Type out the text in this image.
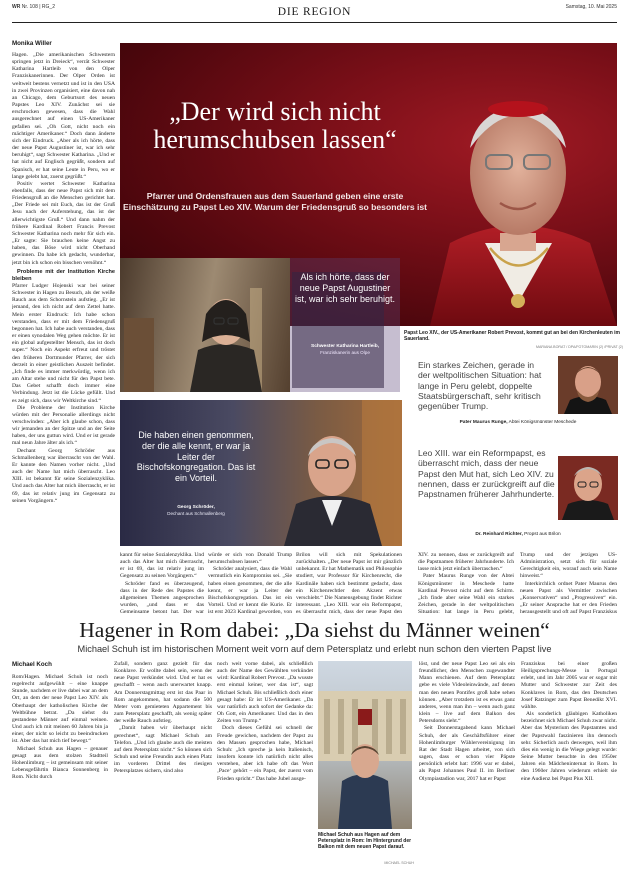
WR Nr. 108 | RG_2	DIE REGION	Samstag, 10. Mai 2025
Monika Willer

Hagen. „Die amerikanischen Schwestern springen jetzt in Dreieck“, verrät Schwester Katharina Hartleib von den Olper Franziskanerinnen. Der Olper Orden ist weltweit bestens vernetzt und ist in den USA in zwei Provinzen organisiert, eine davon nah an Chicago, dem Geburtsort des neuen Papstes Leo XIV. Zunächst sei sie erschrocken gewesen, dass die Wahl ausgerechnet auf einen US-Amerikaner gefallen sei. „Oh Gott, nicht noch ein mächtiger Amerikaner.“ Doch dann änderte sich der Eindruck. „Aber als ich hörte, dass der neue Papst Augustiner ist, war ich sehr beruhigt“, sagt Schwester Katharina. „Und er hat nicht auf Englisch gegrüßt, sondern auf Spanisch, er hat seine Leute in Peru, wo er lange gelebt hat, zuerst gegrüßt.“

Positiv wertet Schwester Katharina ebenfalls, dass der neue Papst sich mit dem Friedensgruß an die Menschen gerichtet hat. „Der Friede sei mit Euch, das ist der Gruß Jesu nach der Auferstehung, das ist der allerwichtigste Gruß.“ Und dann nahm der frühere Kardinal Robert Francis Prevost Schwester Katharina noch mehr für sich ein. „Er sagte: Sie brauchen keine Angst zu haben, das Böse wird nicht Oberhand gewinnen. Da habe ich gedacht, wunderbar, jetzt bin ich schon ein bisschen versöhnt.“

Probleme mit der Institution Kirche bleiben

Pfarrer Ludger Hojenski war bei seiner Schwester in Hagen zu Besuch, als der weiße Rauch aus dem Schornstein aufstieg. „Er ist jemand, den ich nicht auf dem Zettel hatte. Mein erster Eindruck: Ich habe schon verstanden, dass er mit dem Friedensgruß begonnen hat. Ich habe auch verstanden, dass er einen synodalen Weg gehen möchte. Er ist ein global aufgestellter Mensch, das ist doch super.“ Noch ein Aspekt erfreut und tröstet den früheren Dortmunder Pfarrer, der sich derzeit in einer geistlichen Auszeit befindet. „Ich finde es immer merkwürdig, wenn ich am Altar stehe und nicht für den Papst bete. Das Gebet schafft doch immer eine Verbindung. Jetzt ist die Lücke gefüllt. Und es zeigt sich, dass wir Weltkirche sind.“

Die Probleme der Institution Kirche würden mit der Personalie allerdings nicht verschwinden: „Aber ich glaube schon, dass wir jemanden an der Spitze und an der Seite haben, der uns guttun wird. Und er ist gerade mal neun Jahre älter als ich.“

Dechant Georg Schröder aus Schmallenberg war überrascht von der Wahl. Er kannte den Namen vorher nicht. „Und auch der Name hat mich überrascht. Leo XIII. ist bekannt für seine Sozialenzyklika. Und auch das Alter hat mich überrascht, er ist 69, das ist relativ jung im Gegensatz zu seinen Vorgängern.“

„Der wird sich nicht herumschubsen lassen“
Pfarrer und Ordensfrauen aus dem Sauerland geben eine erste Einschätzung zu Papst Leo XIV. Warum der Friedensgruß so besonders ist
Als ich hörte, dass der neue Papst Augustiner ist, war ich sehr beruhigt.
Schwester Katharina Hartleib,
Franziskanerin aus Olpe
Papst Leo XIV., der US-Amerikaner Robert Prevost, kommt gut an bei den Kirchenleuten im Sauerland.
MARIANA BORAT / DPA/FOTOMARIN (2) /PRIVAT (2)
Die haben einen genommen, der die alle kennt, er war ja Leiter der Bischofskongregation. Das ist ein Vorteil.
Georg Schröder,
Dechant aus Schmallenberg
Ein starkes Zeichen, gerade in der weltpolitischen Situation: hat lange in Peru gelebt, doppelte Staatsbürgerschaft, sehr kritisch gegenüber Trump.
Pater Maurus Runge, Abtei Königsmünster Meschede
Leo XIII. war ein Reformpapst, es überrascht mich, dass der neue Papst den Mut hat, sich Leo XIV. zu nennen, dass er zurückgreift auf die Papstnamen früherer Jahrhunderte.
Dr. Reinhard Richter, Propst aus Brilon

kannt für seine Sozialenzyklika. Und auch das Alter hat mich überrascht, er ist 69, das ist relativ jung im Gegensatz zu seinen Vorgängern.“

Schröder fand es überzeugend, dass in der Rede des Papstes die allgemeinen Themen angesprochen wurden, „und dass er das Gemeinsame betont hat. Der war

würde er sich von Donald Trump herumschubsen lassen.“

Schröder analysiert, dass die Wahl vermutlich ein Kompromiss sei. „Sie haben einen genommen, der die alle kennt, er war ja Leiter der Bischofskongregation. Das ist ein Vorteil. Und er kennt die Kurie. Er ist erst 2023 Kardinal geworden, von

Brilon will sich mit Spekulationen zurückhalten. „Der neue Papst ist mir gänzlich unbekannt. Er hat Mathematik und Philosophie studiert, war Professor für Kirchenrecht, die Kardinäle haben sich bestimmt gedacht, dass ein Kirchenrechtler den Akzent etwas verschiebt.“ Die Namensgebung findet Richter interessant. „Leo XIII. war ein Reformpapst, es überrascht mich, dass der neue Papst den

XIV. zu nennen, dass er zurückgreift auf die Papstnamen früherer Jahrhunderte. Ich lasse mich jetzt einfach überraschen.“

Pater Maurus Runge von der Abtei Königsmünster in Meschede hatte Kardinal Prevost nicht auf dem Schirm. „Ich finde aber seine Wahl ein starkes Zeichen, gerade in der weltpolitischen Situation: hat lange in Peru gelebt,

Trump und der jetzigen US-Administration, setzt sich für soziale Gerechtigkeit ein, worauf auch sein Name hinweist.“

Interkirchlich ordnet Pater Maurus den neuen Papst als Vermittler zwischen „Konservativen“ und „Progressiven“ ein. „Er seiner Ansprache hat er den Frieden herausgestellt und oft auf Papst Franziskus

Hagener in Rom dabei: „Da siehst du Männer weinen“
Michael Schuh ist im historischen Moment weit vorn auf dem Petersplatz und erlebt nun schon den vierten Papst live
Michael Koch

Rom/Hagen. Michael Schuh ist noch regelrecht aufgewühlt – eine knappe Stunde, nachdem er live dabei war an dem Ort, an dem der neue Papst Leo XIV. als Oberhaupt der katholischen Kirche der Weltbühne betrat. „Da siehst du gestandene Männer auf einmal weinen. Und auch ich mit meinen 60 Jahren bin ja einer, der nicht so leicht zu beeindrucken ist. Aber das hat mich tief bewegt.“

Michael Schuh aus Hagen – genauer gesagt aus dem stolzen Stadtteil Hohenlimburg – ist gemeinsam mit seiner Lebensgefährtin Bianca Sonnenberg in Rom. Nicht durch

Zufall, sondern ganz gezielt für das Konklave. Er wollte dabei sein, wenn der neue Papst verkündet wird. Und er hat es geschafft – wenn auch unerwartet knapp. Am Donnerstagmittag erst ist das Paar in Rom angekommen, hat sodann die 500 Meter vom gemieteten Appartement bis zum Petersplatz geschafft, als wenig später der weiße Rauch aufstieg.

„Damit haben wir überhaupt nicht gerechnet“, sagt Michael Schuh am Telefon. „Und ich glaube auch die meisten auf dem Petersplatz nicht.“ So können sich Schuh und seine Freundin auch einen Platz im vorderen Drittel des riesigen Petersplatzes sichern, sind also

noch weit vorne dabei, als schließlich auch der Name des Gewählten verkündet wird: Kardinal Robert Prevost. „Da wusste erst einmal keiner, wer das ist“, sagt Michael Schuh. Bis schließlich doch einer gesagt habe: Er ist US-Amerikaner. „Da war natürlich auch sofort der Gedanke da: Oh Gott, ein Amerikaner. Und das in den Zeiten von Trump.“

Doch dieses Gefühl sei schnell der Freude gewichen, nachdem der Papst zu den Massen gesprochen habe, Michael Schuh: „Ich spreche ja kein Italienisch, insofern konnte ich natürlich nicht alles verstehen, aber ich habe oft das Wort ‚Pace‘ gehört – ein Papst, der zuerst vom Frieden spricht.“ Das habe Jubel ausge-

Michael Schuh aus Hagen auf dem Petersplatz in Rom: Im Hintergrund der Balkon mit dem neuen Papst darauf.
MICHAEL SCHUH

löst, und der neue Papst Leo sei als ein freundlicher, den Menschen zugewandter Mann erschienen. Auf dem Petersplatz gebe es viele Videoleinwände, auf denen man den neuen Pontifex groß habe sehen können. „Aber trotzdem ist es etwas ganz anderes, wenn man ihn – wenn auch ganz klein – live auf dem Balkon des Petersdoms sieht.“

Seit Donnerstagabend kann Michael Schuh, der als Geschäftsführer einer Hohenlimburger Wählervereinigung im Rat der Stadt Hagen arbeitet, von sich sagen, dass er schon vier Päpste persönlich erlebt hat: 1996 war er dabei, als Papst Johannes Paul II. im Berliner Olympiastadion war, 2017 hat er Papst

Franziskus bei einer großen Heiligsprechungs-Messe in Portugal erlebt, und im Jahr 2005 war er sogar mit Mutter und Schwester zur Zeit des Konklaves in Rom, das den Deutschen Josef Ratzinger zum Papst Benedikt XVI. wählte.

Als sonderlich gläubigen Katholiken bezeichnet sich Michael Schuh zwar nicht. Aber das Mysterium des Papstamtes und der Papstwahl faszinieren ihn dennoch sehr. Sicherlich auch deswegen, weil ihm dies ein wenig in die Wiege gelegt wurde: Seine Mutter besuchte in den 1950er Jahren ein Mädcheninternat in Rom. In den 1960er Jahren wiederum erhielt sie eine Audienz bei Papst Pius XII.
